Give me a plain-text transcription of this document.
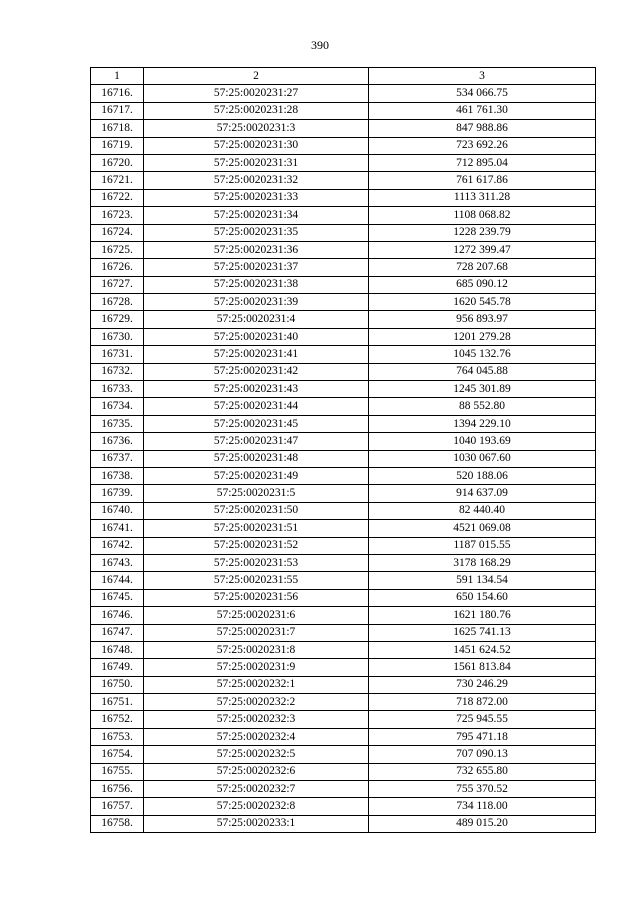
390
1	2	3
16716.	57:25:0020231:27	534 066.75
16717.	57:25:0020231:28	461 761.30
16718.	57:25:0020231:3	847 988.86
16719.	57:25:0020231:30	723 692.26
16720.	57:25:0020231:31	712 895.04
16721.	57:25:0020231:32	761 617.86
16722.	57:25:0020231:33	1113 311.28
16723.	57:25:0020231:34	1108 068.82
16724.	57:25:0020231:35	1228 239.79
16725.	57:25:0020231:36	1272 399.47
16726.	57:25:0020231:37	728 207.68
16727.	57:25:0020231:38	685 090.12
16728.	57:25:0020231:39	1620 545.78
16729.	57:25:0020231:4	956 893.97
16730.	57:25:0020231:40	1201 279.28
16731.	57:25:0020231:41	1045 132.76
16732.	57:25:0020231:42	764 045.88
16733.	57:25:0020231:43	1245 301.89
16734.	57:25:0020231:44	88 552.80
16735.	57:25:0020231:45	1394 229.10
16736.	57:25:0020231:47	1040 193.69
16737.	57:25:0020231:48	1030 067.60
16738.	57:25:0020231:49	520 188.06
16739.	57:25:0020231:5	914 637.09
16740.	57:25:0020231:50	82 440.40
16741.	57:25:0020231:51	4521 069.08
16742.	57:25:0020231:52	1187 015.55
16743.	57:25:0020231:53	3178 168.29
16744.	57:25:0020231:55	591 134.54
16745.	57:25:0020231:56	650 154.60
16746.	57:25:0020231:6	1621 180.76
16747.	57:25:0020231:7	1625 741.13
16748.	57:25:0020231:8	1451 624.52
16749.	57:25:0020231:9	1561 813.84
16750.	57:25:0020232:1	730 246.29
16751.	57:25:0020232:2	718 872.00
16752.	57:25:0020232:3	725 945.55
16753.	57:25:0020232:4	795 471.18
16754.	57:25:0020232:5	707 090.13
16755.	57:25:0020232:6	732 655.80
16756.	57:25:0020232:7	755 370.52
16757.	57:25:0020232:8	734 118.00
16758.	57:25:0020233:1	489 015.20
